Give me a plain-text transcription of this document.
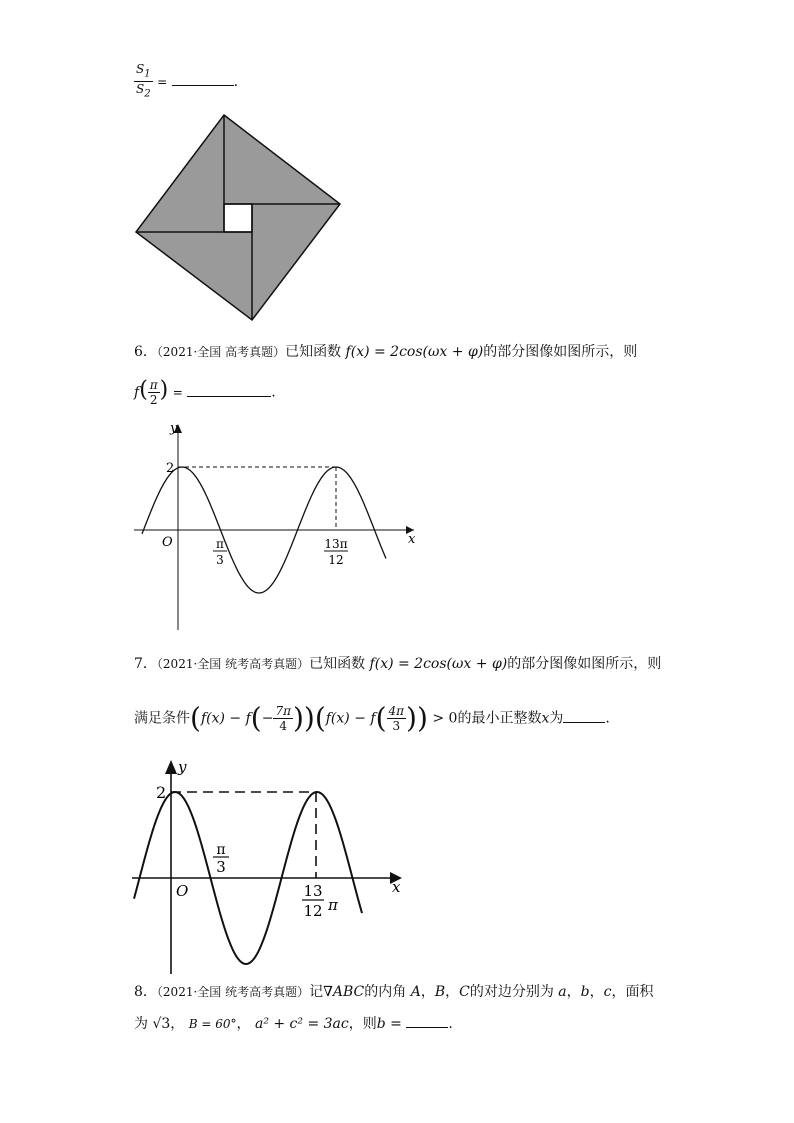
$\frac{S_1}{S_2}$ =	.
6．（2021·全国 高考真题）已知函数 f(x) = 2cos(ωx + φ)的部分图像如图所示，则
$f( \frac{\pi}{2}$ ) =	.
y
x
O
2
π
3
13π
12
7．（2021·全国 统考高考真题）已知函数 f(x) = 2cos(ωx + φ)的部分图像如图所示，则
满足条件$(f(x) - f(- \frac{7\pi}{4} ))(f(x) - f( \frac{4\pi}{3}$ )) > 0的最小正整数x为	.
y
x
O
2
π
3
13
12 π
8．（2021·全国 统考高考真题）记∇ABC的内角 A，B，C的对边分别为 a，b，c，面积
为 √3， B = 60°， a² + c² = 3ac，则b =	.
